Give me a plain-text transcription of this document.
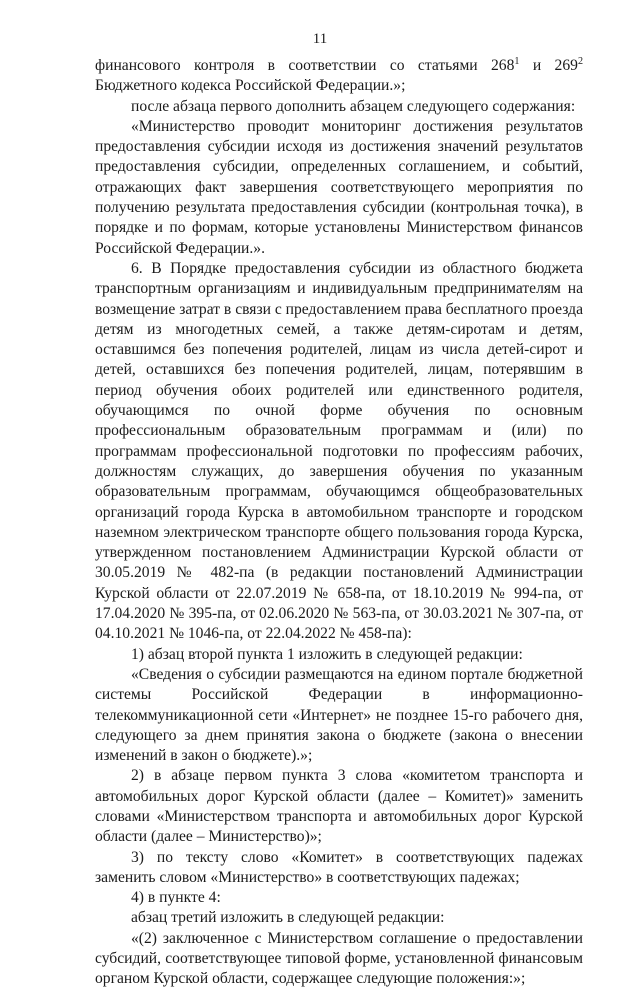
11

финансового контроля в соответствии со статьями $268^1$ и $269^2$ Бюджетного кодекса Российской Федерации.»;

после абзаца первого дополнить абзацем следующего содержания:

«Министерство проводит мониторинг достижения результатов предоставления субсидии исходя из достижения значений результатов предоставления субсидии, определенных соглашением, и событий, отражающих факт завершения соответствующего мероприятия по получению результата предоставления субсидии (контрольная точка), в порядке и по формам, которые установлены Министерством финансов Российской Федерации.».

6. В Порядке предоставления субсидии из областного бюджета транспортным организациям и индивидуальным предпринимателям на возмещение затрат в связи с предоставлением права бесплатного проезда детям из многодетных семей, а также детям-сиротам и детям, оставшимся без попечения родителей, лицам из числа детей-сирот и детей, оставшихся без попечения родителей, лицам, потерявшим в период обучения обоих родителей или единственного родителя, обучающимся по очной форме обучения по основным профессиональным образовательным программам и (или) по программам профессиональной подготовки по профессиям рабочих, должностям служащих, до завершения обучения по указанным образовательным программам, обучающимся общеобразовательных организаций города Курска в автомобильном транспорте и городском наземном электрическом транспорте общего пользования города Курска, утвержденном постановлением Администрации Курской области от 30.05.2019 № 482-па (в редакции постановлений Администрации Курской области от 22.07.2019 № 658-па, от 18.10.2019 № 994-па, от 17.04.2020 № 395-па, от 02.06.2020 № 563-па, от 30.03.2021 № 307-па, от 04.10.2021 № 1046-па, от 22.04.2022 № 458-па):

1) абзац второй пункта 1 изложить в следующей редакции:

«Сведения о субсидии размещаются на едином портале бюджетной системы Российской Федерации в информационно-телекоммуникационной сети «Интернет» не позднее 15-го рабочего дня, следующего за днем принятия закона о бюджете (закона о внесении изменений в закон о бюджете).»;

2) в абзаце первом пункта 3 слова «комитетом транспорта и автомобильных дорог Курской области (далее – Комитет)» заменить словами «Министерством транспорта и автомобильных дорог Курской области (далее – Министерство)»;

3) по тексту слово «Комитет» в соответствующих падежах заменить словом «Министерство» в соответствующих падежах;

4) в пункте 4:

абзац третий изложить в следующей редакции:

«(2) заключенное с Министерством соглашение о предоставлении субсидий, соответствующее типовой форме, установленной финансовым органом Курской области, содержащее следующие положения:»;
